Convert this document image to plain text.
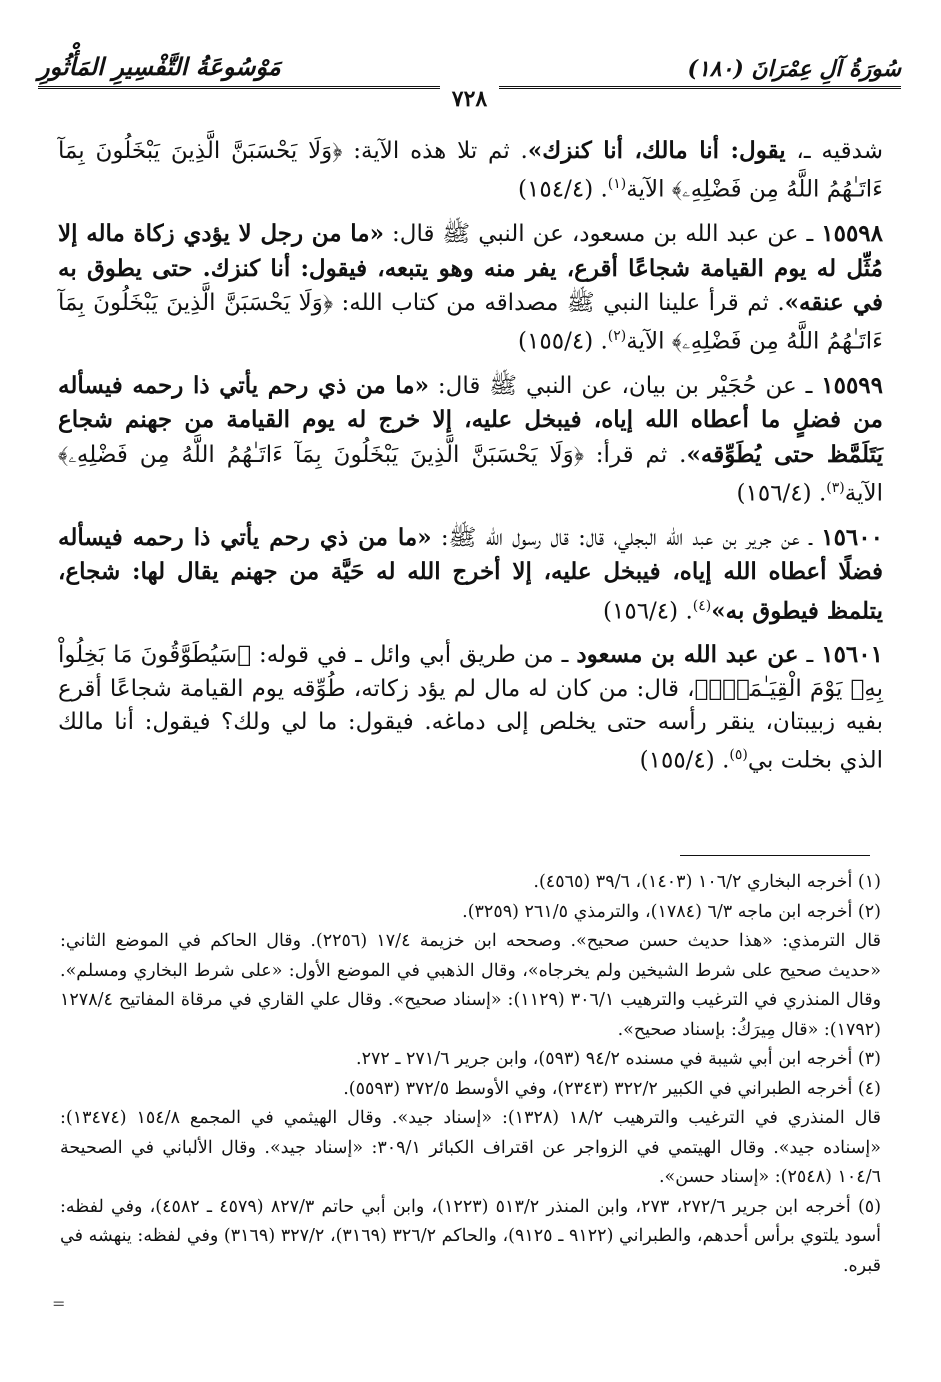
سُورَةُ آلِ عِمْرَانَ (١٨٠)
مَوْسُوعَةُ التَّفْسِيرِ المَأْثُورِ
٧٢٨

شدقيه ـ، يقول: أنا مالك، أنا كنزك». ثم تلا هذه الآية: ﴿وَلَا يَحْسَبَنَّ الَّذِينَ يَبْخَلُونَ بِمَآ ءَاتَـٰهُمُ اللَّهُ مِن فَضْلِهِۦ﴾ الآية$^{(١)}$. (١٥٤/٤)

١٥٥٩٨ ـ عن عبد الله بن مسعود، عن النبي ﷺ قال: «ما من رجل لا يؤدي زكاة ماله إلا مُثِّل له يوم القيامة شجاعًا أقرع، يفر منه وهو يتبعه، فيقول: أنا كنزك. حتى يطوق به في عنقه». ثم قرأ علينا النبي ﷺ مصداقه من كتاب الله: ﴿وَلَا يَحْسَبَنَّ الَّذِينَ يَبْخَلُونَ بِمَآ ءَاتَـٰهُمُ اللَّهُ مِن فَضْلِهِۦ﴾ الآية$^{(٢)}$. (١٥٥/٤)

١٥٥٩٩ ـ عن حُجَيْر بن بيان، عن النبي ﷺ قال: «ما من ذي رحم يأتي ذا رحمه فيسأله من فضلٍ ما أعطاه الله إياه، فيبخل عليه، إلا خرج له يوم القيامة من جهنم شجاع يَتَلَمَّظ حتى يُطَوِّقه». ثم قرأ: ﴿وَلَا يَحْسَبَنَّ الَّذِينَ يَبْخَلُونَ بِمَآ ءَاتَـٰهُمُ اللَّهُ مِن فَضْلِهِۦ﴾ الآية$^{(٣)}$. (١٥٦/٤)

١٥٦٠٠ ـ عن جرير بن عبد الله البجلي، قال: قال رسول الله ﷺ: «ما من ذي رحم يأتي ذا رحمه فيسأله فضلًا أعطاه الله إياه، فيبخل عليه، إلا أخرج الله له حَيَّة من جهنم يقال لها: شجاع، يتلمظ فيطوق به»$^{(٤)}$. (١٥٦/٤)

١٥٦٠١ ـ عن عبد الله بن مسعود ـ من طريق أبي وائل ـ في قوله: ﴿سَيُطَوَّقُونَ مَا بَخِلُواْ بِهِۦ يَوْمَ الْقِيَـٰمَةِۗ﴾، قال: من كان له مال لم يؤد زكاته، طُوِّقه يوم القيامة شجاعًا أقرع بفيه زبيبتان، ينقر رأسه حتى يخلص إلى دماغه. فيقول: ما لي ولك؟ فيقول: أنا مالك الذي بخلت بي$^{(٥)}$. (١٥٥/٤)

(١) أخرجه البخاري ١٠٦/٢ (١٤٠٣)، ٣٩/٦ (٤٥٦٥).

(٢) أخرجه ابن ماجه ٦/٣ (١٧٨٤)، والترمذي ٢٦١/٥ (٣٢٥٩).

قال الترمذي: «هذا حديث حسن صحيح». وصححه ابن خزيمة ١٧/٤ (٢٢٥٦). وقال الحاكم في الموضع الثاني: «حديث صحيح على شرط الشيخين ولم يخرجاه»، وقال الذهبي في الموضع الأول: «على شرط البخاري ومسلم». وقال المنذري في الترغيب والترهيب ٣٠٦/١ (١١٢٩): «إسناد صحيح». وقال علي القاري في مرقاة المفاتيح ١٢٧٨/٤ (١٧٩٢): «قال مِيرَكُ: بإسناد صحيح».

(٣) أخرجه ابن أبي شيبة في مسنده ٩٤/٢ (٥٩٣)، وابن جرير ٢٧١/٦ ـ ٢٧٢.

(٤) أخرجه الطبراني في الكبير ٣٢٢/٢ (٢٣٤٣)، وفي الأوسط ٣٧٢/٥ (٥٥٩٣).

قال المنذري في الترغيب والترهيب ١٨/٢ (١٣٢٨): «إسناد جيد». وقال الهيثمي في المجمع ١٥٤/٨ (١٣٤٧٤): «إسناده جيد». وقال الهيتمي في الزواجر عن اقتراف الكبائر ٣٠٩/١: «إسناد جيد». وقال الألباني في الصحيحة ١٠٤/٦ (٢٥٤٨): «إسناد حسن».

(٥) أخرجه ابن جرير ٢٧٢/٦، ٢٧٣، وابن المنذر ٥١٣/٢ (١٢٢٣)، وابن أبي حاتم ٨٢٧/٣ (٤٥٧٩ ـ ٤٥٨٢)، وفي لفظه: أسود يلتوي برأس أحدهم، والطبراني (٩١٢٢ ـ ٩١٢٥)، والحاكم ٣٢٦/٢ (٣١٦٩)، ٣٢٧/٢ (٣١٦٩) وفي لفظه: ينهشه في قبره.

=
